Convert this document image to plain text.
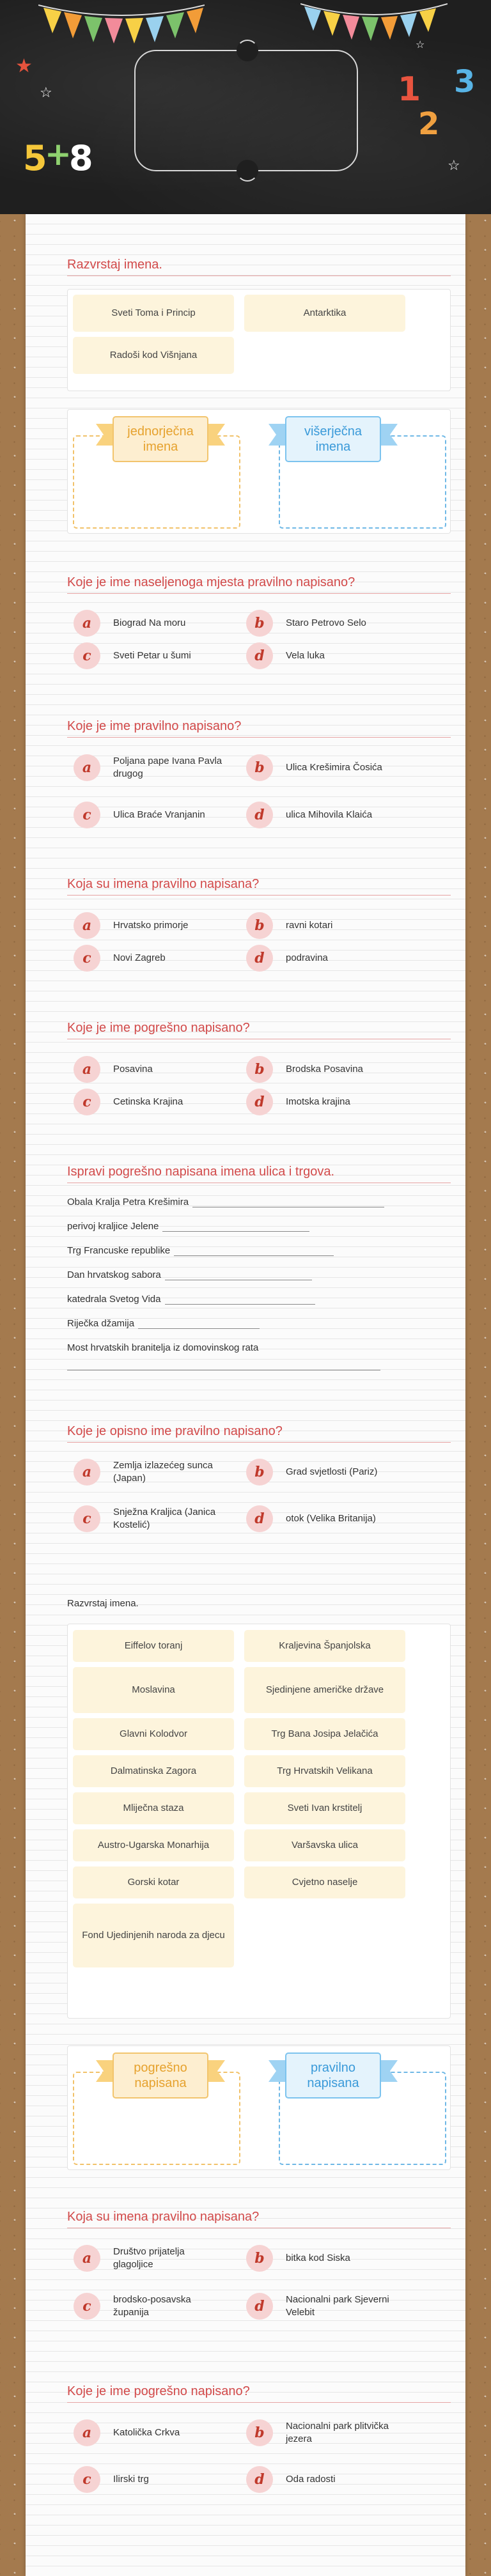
★
☆
☆
☆
5
+
8
1
2
3
Razvrstaj imena.
Sveti Toma i Princip	Antarktika
Radoši kod Višnjana
jednorječna imena
višerječna imena
Koje je ime naseljenoga mjesta pravilno napisano?
a	Biograd Na moru	b	Staro Petrovo Selo
c	Sveti Petar u šumi	d	Vela luka
Koje je ime pravilno napisano?
a	Poljana pape Ivana Pavla drugog	b	Ulica Krešimira Čosića
c	Ulica Braće Vranjanin	d	ulica Mihovila Klaića
Koja su imena pravilno napisana?
a	Hrvatsko primorje	b	ravni kotari
c	Novi Zagreb	d	podravina
Koje je ime pogrešno napisano?
a	Posavina	b	Brodska Posavina
c	Cetinska Krajina	d	Imotska krajina
Ispravi pogrešno napisana imena ulica i trgova.
Obala Kralja Petra Krešimira
perivoj kraljice Jelene
Trg Francuske republike
Dan hrvatskog sabora
katedrala Svetog Vida
Riječka džamija
Most hrvatskih branitelja iz domovinskog rata
Koje je opisno ime pravilno napisano?
a	Zemlja izlazećeg sunca (Japan)	b	Grad svjetlosti (Pariz)
c	Snježna Kraljica (Janica Kostelić)	d	otok (Velika Britanija)
Razvrstaj imena.
Eiffelov toranj	Kraljevina Španjolska
Moslavina	Sjedinjene američke države
Glavni Kolodvor	Trg Bana Josipa Jelačića
Dalmatinska Zagora	Trg Hrvatskih Velikana
Mliječna staza	Sveti Ivan krstitelj
Austro-Ugarska Monarhija	Varšavska ulica
Gorski kotar	Cvjetno naselje
Fond Ujedinjenih naroda za djecu
pogrešno napisana
pravilno napisana
Koja su imena pravilno napisana?
a	Društvo prijatelja glagoljice	b	bitka kod Siska
c	brodsko-posavska županija	d	Nacionalni park Sjeverni Velebit
Koje je ime pogrešno napisano?
a	Katolička Crkva	b	Nacionalni park plitvička jezera
c	Ilirski trg	d	Oda radosti
